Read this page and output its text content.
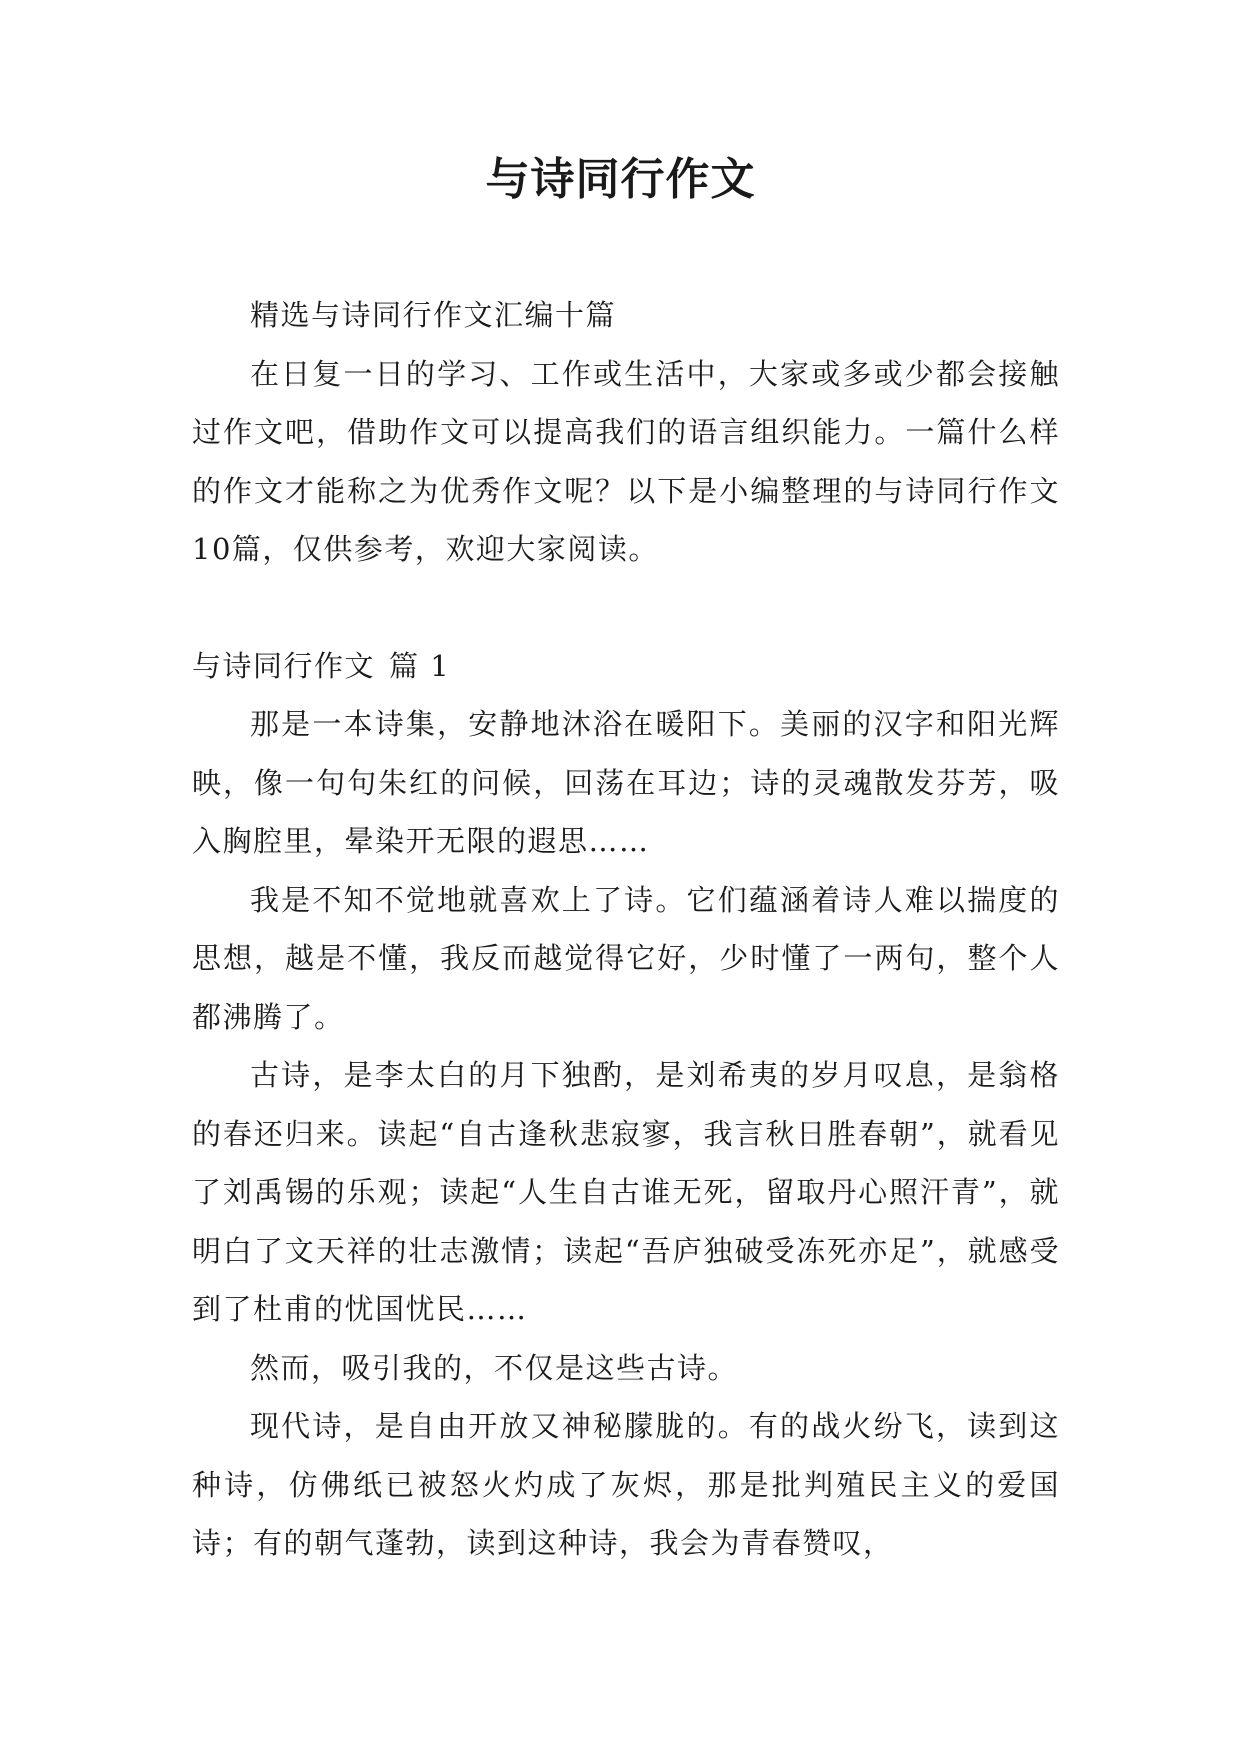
与诗同行作文

精选与诗同行作文汇编十篇

在日复一日的学习、工作或生活中，大家或多或少都会接触过作文吧，借助作文可以提高我们的语言组织能力。一篇什么样的作文才能称之为优秀作文呢？以下是小编整理的与诗同行作文10篇，仅供参考，欢迎大家阅读。

与诗同行作文 篇 1

那是一本诗集，安静地沐浴在暖阳下。美丽的汉字和阳光辉映，像一句句朱红的问候，回荡在耳边；诗的灵魂散发芬芳，吸入胸腔里，晕染开无限的遐思……

我是不知不觉地就喜欢上了诗。它们蕴涵着诗人难以揣度的思想，越是不懂，我反而越觉得它好，少时懂了一两句，整个人都沸腾了。

古诗，是李太白的月下独酌，是刘希夷的岁月叹息，是翁格的春还归来。读起“自古逢秋悲寂寥，我言秋日胜春朝”，就看见了刘禹锡的乐观；读起“人生自古谁无死，留取丹心照汗青”，就明白了文天祥的壮志激情；读起“吾庐独破受冻死亦足”，就感受到了杜甫的忧国忧民……

然而，吸引我的，不仅是这些古诗。

现代诗，是自由开放又神秘朦胧的。有的战火纷飞，读到这种诗，仿佛纸已被怒火灼成了灰烬，那是批判殖民主义的爱国诗；有的朝气蓬勃，读到这种诗，我会为青春赞叹，
